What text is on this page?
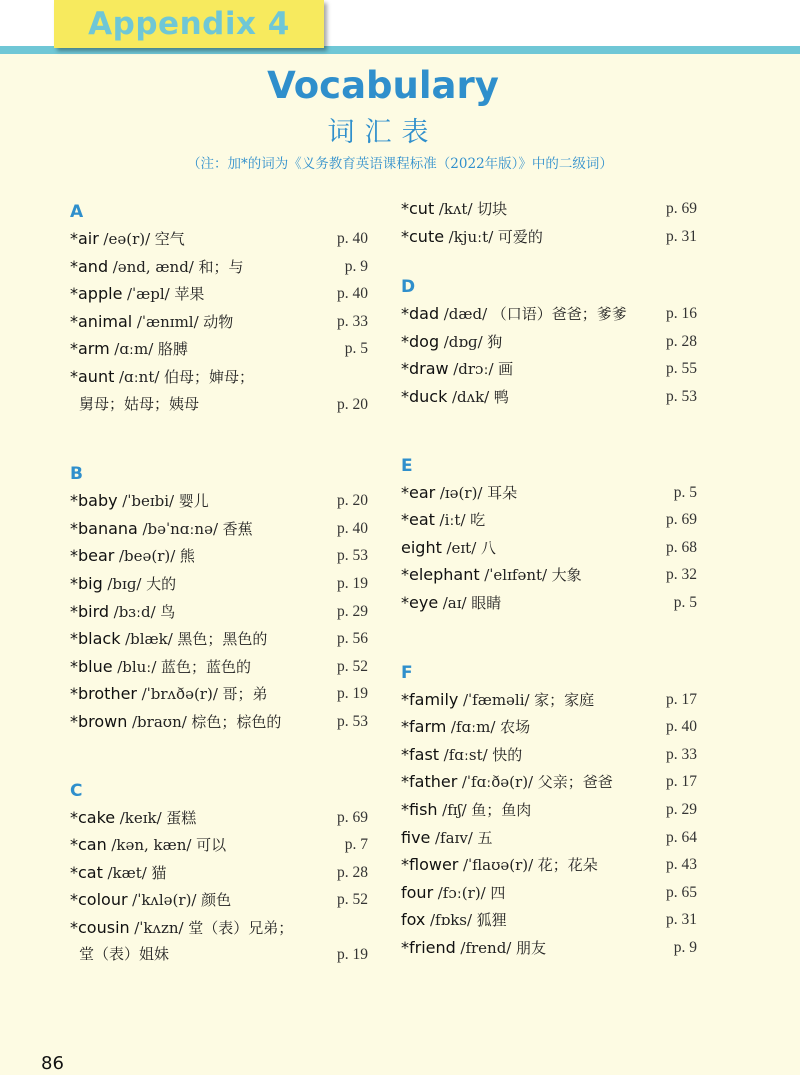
Appendix 4
Vocabulary
词汇表
（注：加*的词为《义务教育英语课程标准（2022年版）》中的二级词）
A
*air /eə(r)/ 空气	p. 40
*and /ənd, ænd/ 和；与	p. 9
*apple /ˈæpl/ 苹果	p. 40
*animal /ˈænɪml/ 动物	p. 33
*arm /ɑːm/ 胳膊	p. 5
*aunt /ɑːnt/ 伯母；婶母；
舅母；姑母；姨母	p. 20
B
*baby /ˈbeɪbi/ 婴儿	p. 20
*banana /bəˈnɑːnə/ 香蕉	p. 40
*bear /beə(r)/ 熊	p. 53
*big /bɪɡ/ 大的	p. 19
*bird /bɜːd/ 鸟	p. 29
*black /blæk/ 黑色；黑色的	p. 56
*blue /bluː/ 蓝色；蓝色的	p. 52
*brother /ˈbrʌðə(r)/ 哥；弟	p. 19
*brown /braʊn/ 棕色；棕色的	p. 53
C
*cake /keɪk/ 蛋糕	p. 69
*can /kən, kæn/ 可以	p. 7
*cat /kæt/ 猫	p. 28
*colour /ˈkʌlə(r)/ 颜色	p. 52
*cousin /ˈkʌzn/ 堂（表）兄弟；
堂（表）姐妹	p. 19
*cut /kʌt/ 切块	p. 69
*cute /kjuːt/ 可爱的	p. 31
D
*dad /dæd/ （口语）爸爸；爹爹	p. 16
*dog /dɒɡ/ 狗	p. 28
*draw /drɔː/ 画	p. 55
*duck /dʌk/ 鸭	p. 53
E
*ear /ɪə(r)/ 耳朵	p. 5
*eat /iːt/ 吃	p. 69
eight /eɪt/ 八	p. 68
*elephant /ˈelɪfənt/ 大象	p. 32
*eye /aɪ/ 眼睛	p. 5
F
*family /ˈfæməli/ 家；家庭	p. 17
*farm /fɑːm/ 农场	p. 40
*fast /fɑːst/ 快的	p. 33
*father /ˈfɑːðə(r)/ 父亲；爸爸	p. 17
*fish /fɪʃ/ 鱼；鱼肉	p. 29
five /faɪv/ 五	p. 64
*flower /ˈflaʊə(r)/ 花；花朵	p. 43
four /fɔː(r)/ 四	p. 65
fox /fɒks/ 狐狸	p. 31
*friend /frend/ 朋友	p. 9
86
